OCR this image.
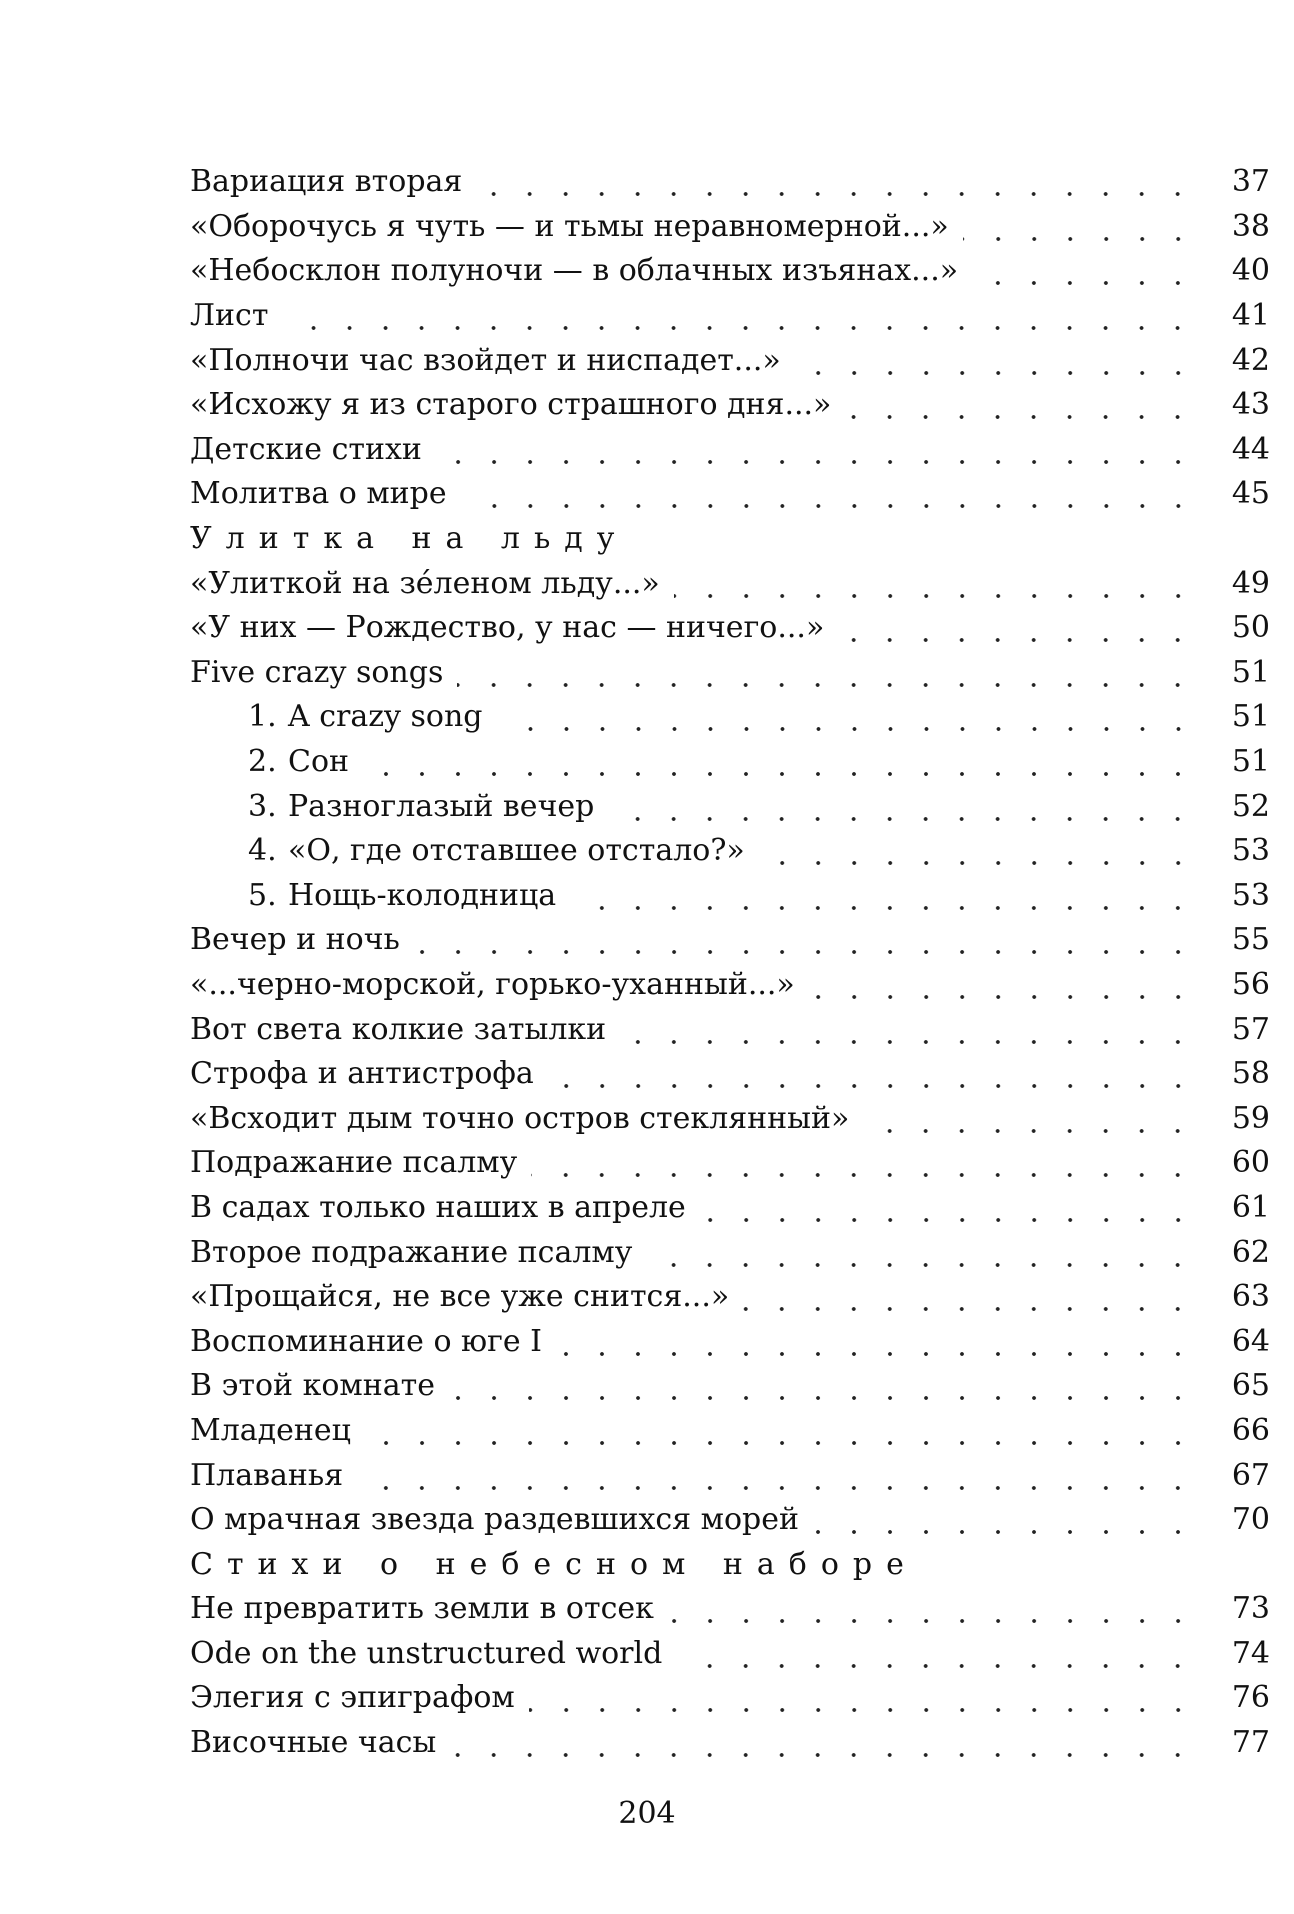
Вариация вторая	37
«Оборочусь я чуть — и тьмы неравномерной...»	38
«Небосклон полуночи — в облачных изъянах...»	40
Лист	41
«Полночи час взойдет и ниспадет...»	42
«Исхожу я из старого страшного дня...»	43
Детские стихи	44
Молитва о мире	45
Улитка на льду
«Улиткой на зе́леном льду...»	49
«У них — Рождество, у нас — ничего...»	50
Five crazy songs	51
1. A crazy song	51
2. Сон	51
3. Разноглазый вечер	52
4. «О, где отставшее отстало?»	53
5. Нощь-колодница	53
Вечер и ночь	55
«...черно-морской, горько-уханный...»	56
Вот света колкие затылки	57
Строфа и антистрофа	58
«Всходит дым точно остров стеклянный»	59
Подражание псалму	60
В садах только наших в апреле	61
Второе подражание псалму	62
«Прощайся, не все уже снится...»	63
Воспоминание о юге I	64
В этой комнате	65
Младенец	66
Плаванья	67
О мрачная звезда раздевшихся морей	70
Стихи о небесном наборе
Не превратить земли в отсек	73
Ode on the unstructured world	74
Элегия с эпиграфом	76
Височные часы	77
204
